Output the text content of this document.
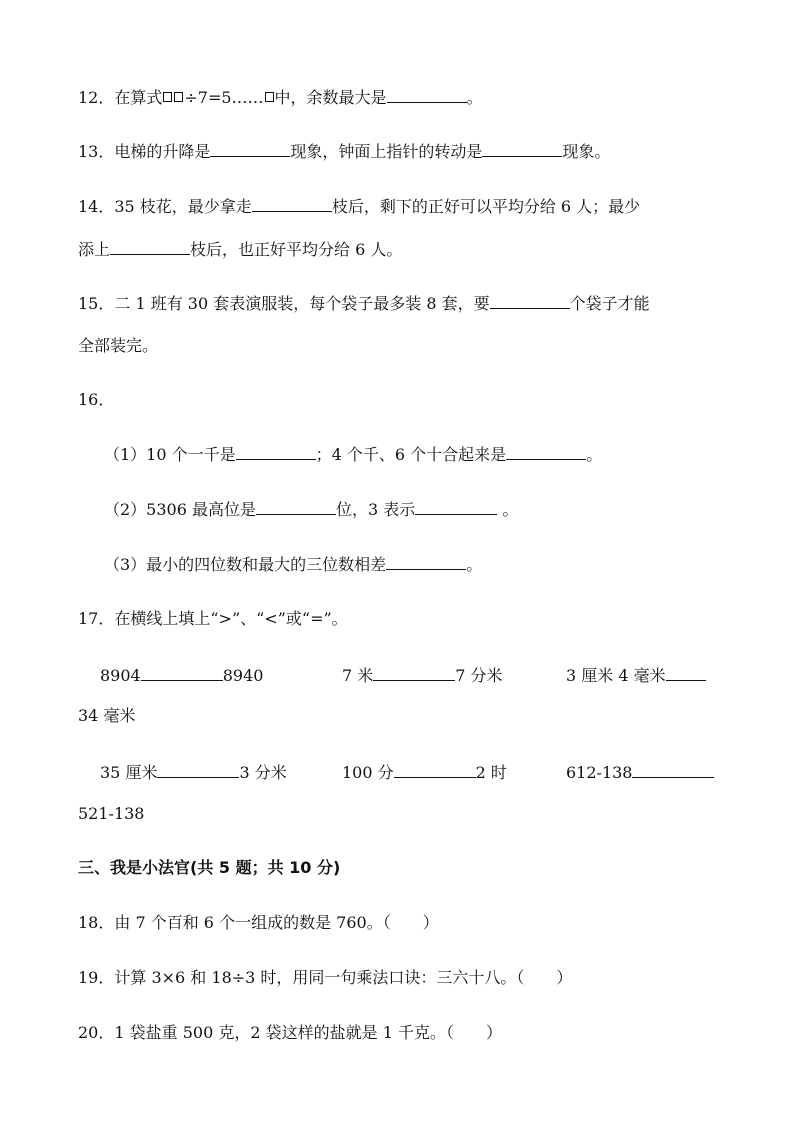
12．在算式 ÷7=5…… 中，余数最大是	。
13．电梯的升降是	现象，钟面上指针的转动是	现象。
14．35 枝花，最少拿走	枝后，剩下的正好可以平均分给 6 人；最少
添上	枝后，也正好平均分给 6 人。
15．二 1 班有 30 套表演服装，每个袋子最多装 8 套，要	个袋子才能
全部装完。
16．
（1）10 个一千是	；4 个千、6 个十合起来是	。
（2）5306 最高位是	位，3 表示	。
（3）最小的四位数和最大的三位数相差	。
17．在横线上填上“>”、“<”或“=”。
8904	8940	7 米	7 分米	3 厘米 4 毫米
34 毫米
35 厘米	3 分米	100 分	2 时	612-138
521-138
三、我是小法官(共 5 题；共 10 分)
18．由 7 个百和 6 个一组成的数是 760。（　　）
19．计算 3×6 和 18÷3 时，用同一句乘法口诀：三六十八。（　　）
20．1 袋盐重 500 克，2 袋这样的盐就是 1 千克。（　　）
